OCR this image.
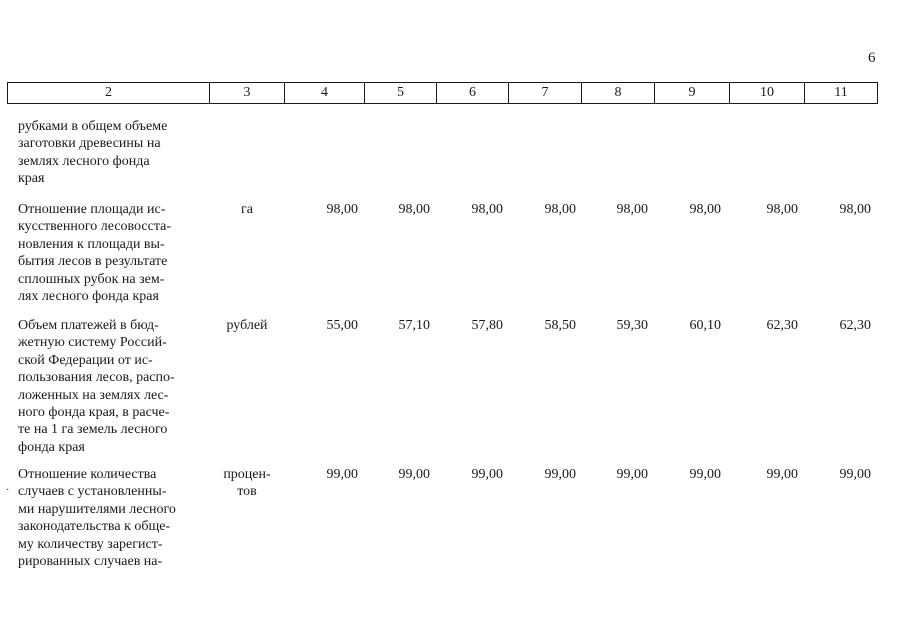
6
2	3	4	5	6	7	8	9	10	11
рубками в общем объеме
заготовки древесины на
землях лесного фонда
края
Отношение площади ис-
кусственного лесовосста-
новления к площади вы-
бытия лесов в результате
сплошных рубок на зем-
лях лесного фонда края
га	98,00	98,00	98,00	98,00	98,00	98,00	98,00	98,00
Объем платежей в бюд-
жетную систему Россий-
ской Федерации от ис-
пользования лесов, распо-
ложенных на землях лес-
ного фонда края, в расче-
те на 1 га земель лесного
фонда края
рублей	55,00	57,10	57,80	58,50	59,30	60,10	62,30	62,30
Отношение количества
случаев с установленны-
ми нарушителями лесного
законодательства к обще-
му количеству зарегист-
рированных случаев на-
процен-
тов
99,00	99,00	99,00	99,00	99,00	99,00	99,00	99,00
·
